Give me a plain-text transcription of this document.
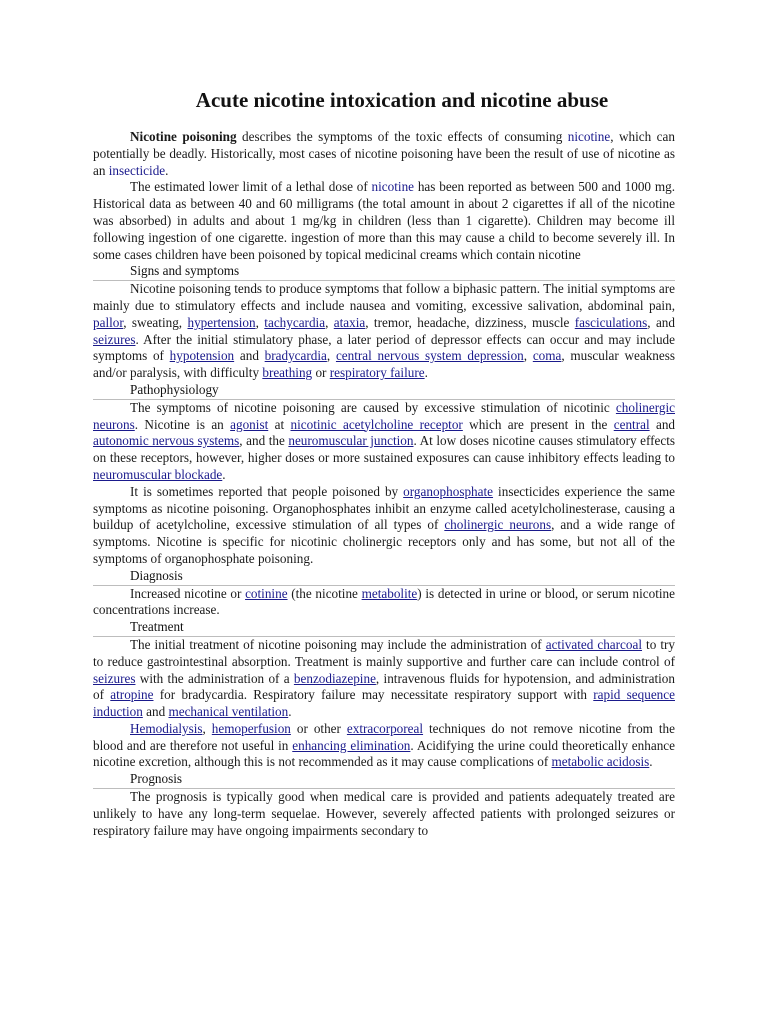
Acute nicotine intoxication and nicotine abuse

Nicotine poisoning describes the symptoms of the toxic effects of consuming nicotine, which can potentially be deadly. Historically, most cases of nicotine poisoning have been the result of use of nicotine as an insecticide.

The estimated lower limit of a lethal dose of nicotine has been reported as between 500 and 1000 mg. Historical data as between 40 and 60 milligrams (the total amount in about 2 cigarettes if all of the nicotine was absorbed) in adults and about 1 mg/kg in children (less than 1 cigarette). Children may become ill following ingestion of one cigarette. ingestion of more than this may cause a child to become severely ill. In some cases children have been poisoned by topical medicinal creams which contain nicotine

Signs and symptoms

Nicotine poisoning tends to produce symptoms that follow a biphasic pattern. The initial symptoms are mainly due to stimulatory effects and include nausea and vomiting, excessive salivation, abdominal pain, pallor, sweating, hypertension, tachycardia, ataxia, tremor, headache, dizziness, muscle fasciculations, and seizures. After the initial stimulatory phase, a later period of depressor effects can occur and may include symptoms of hypotension and bradycardia, central nervous system depression, coma, muscular weakness and/or paralysis, with difficulty breathing or respiratory failure.

Pathophysiology

The symptoms of nicotine poisoning are caused by excessive stimulation of nicotinic cholinergic neurons. Nicotine is an agonist at nicotinic acetylcholine receptor which are present in the central and autonomic nervous systems, and the neuromuscular junction. At low doses nicotine causes stimulatory effects on these receptors, however, higher doses or more sustained exposures can cause inhibitory effects leading to neuromuscular blockade.

It is sometimes reported that people poisoned by organophosphate insecticides experience the same symptoms as nicotine poisoning. Organophosphates inhibit an enzyme called acetylcholinesterase, causing a buildup of acetylcholine, excessive stimulation of all types of cholinergic neurons, and a wide range of symptoms. Nicotine is specific for nicotinic cholinergic receptors only and has some, but not all of the symptoms of organophosphate poisoning.

Diagnosis

Increased nicotine or cotinine (the nicotine metabolite) is detected in urine or blood, or serum nicotine concentrations increase.

Treatment

The initial treatment of nicotine poisoning may include the administration of activated charcoal to try to reduce gastrointestinal absorption. Treatment is mainly supportive and further care can include control of seizures with the administration of a benzodiazepine, intravenous fluids for hypotension, and administration of atropine for bradycardia. Respiratory failure may necessitate respiratory support with rapid sequence induction and mechanical ventilation.

Hemodialysis, hemoperfusion or other extracorporeal techniques do not remove nicotine from the blood and are therefore not useful in enhancing elimination. Acidifying the urine could theoretically enhance nicotine excretion, although this is not recommended as it may cause complications of metabolic acidosis.

Prognosis

The prognosis is typically good when medical care is provided and patients adequately treated are unlikely to have any long-term sequelae. However, severely affected patients with prolonged seizures or respiratory failure may have ongoing impairments secondary to
